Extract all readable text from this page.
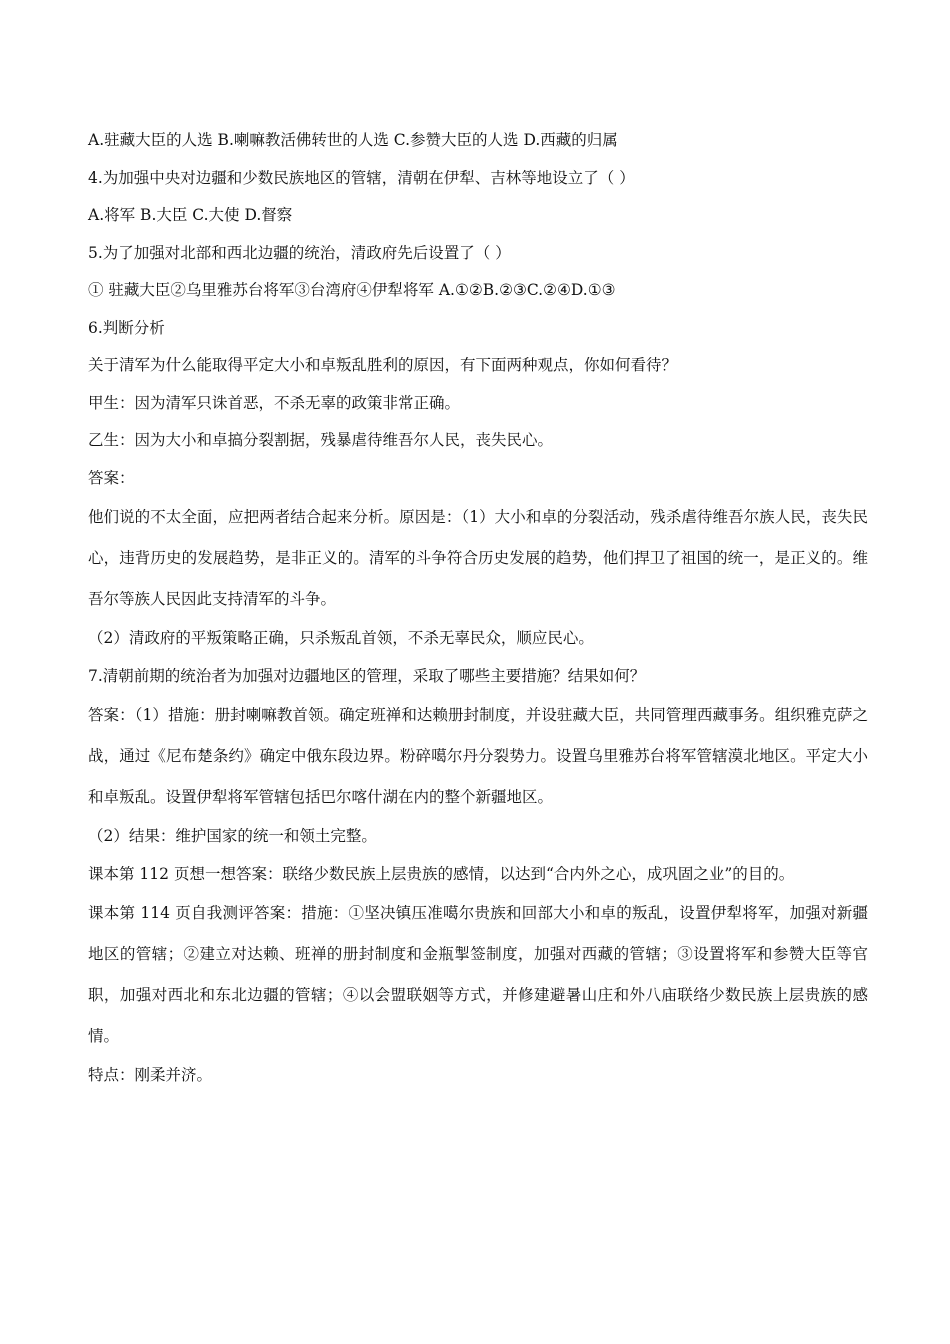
A.驻藏大臣的人选 B.喇嘛教活佛转世的人选 C.参赞大臣的人选 D.西藏的归属
4.为加强中央对边疆和少数民族地区的管辖，清朝在伊犁、吉林等地设立了（ ）
A.将军 B.大臣 C.大使 D.督察
5.为了加强对北部和西北边疆的统治，清政府先后设置了（ ）
① 驻藏大臣②乌里雅苏台将军③台湾府④伊犁将军 A.①②B.②③C.②④D.①③
6.判断分析
关于清军为什么能取得平定大小和卓叛乱胜利的原因，有下面两种观点，你如何看待？
甲生：因为清军只诛首恶，不杀无辜的政策非常正确。
乙生：因为大小和卓搞分裂割据，残暴虐待维吾尔人民，丧失民心。
答案：
他们说的不太全面，应把两者结合起来分析。原因是：（1）大小和卓的分裂活动，残杀虐待维吾尔族人民，丧失民心，违背历史的发展趋势，是非正义的。清军的斗争符合历史发展的趋势，他们捍卫了祖国的统一，是正义的。维吾尔等族人民因此支持清军的斗争。
（2）清政府的平叛策略正确，只杀叛乱首领，不杀无辜民众，顺应民心。
7.清朝前期的统治者为加强对边疆地区的管理，采取了哪些主要措施？结果如何？
答案：（1）措施：册封喇嘛教首领。确定班禅和达赖册封制度，并设驻藏大臣，共同管理西藏事务。组织雅克萨之战，通过《尼布楚条约》确定中俄东段边界。粉碎噶尔丹分裂势力。设置乌里雅苏台将军管辖漠北地区。平定大小和卓叛乱。设置伊犁将军管辖包括巴尔喀什湖在内的整个新疆地区。
（2）结果：维护国家的统一和领土完整。
课本第 112 页想一想答案：联络少数民族上层贵族的感情，以达到“合内外之心，成巩固之业”的目的。
课本第 114 页自我测评答案：措施：①坚决镇压准噶尔贵族和回部大小和卓的叛乱，设置伊犁将军，加强对新疆地区的管辖；②建立对达赖、班禅的册封制度和金瓶掣签制度，加强对西藏的管辖；③设置将军和参赞大臣等官职，加强对西北和东北边疆的管辖；④以会盟联姻等方式，并修建避暑山庄和外八庙联络少数民族上层贵族的感情。
特点：刚柔并济。
